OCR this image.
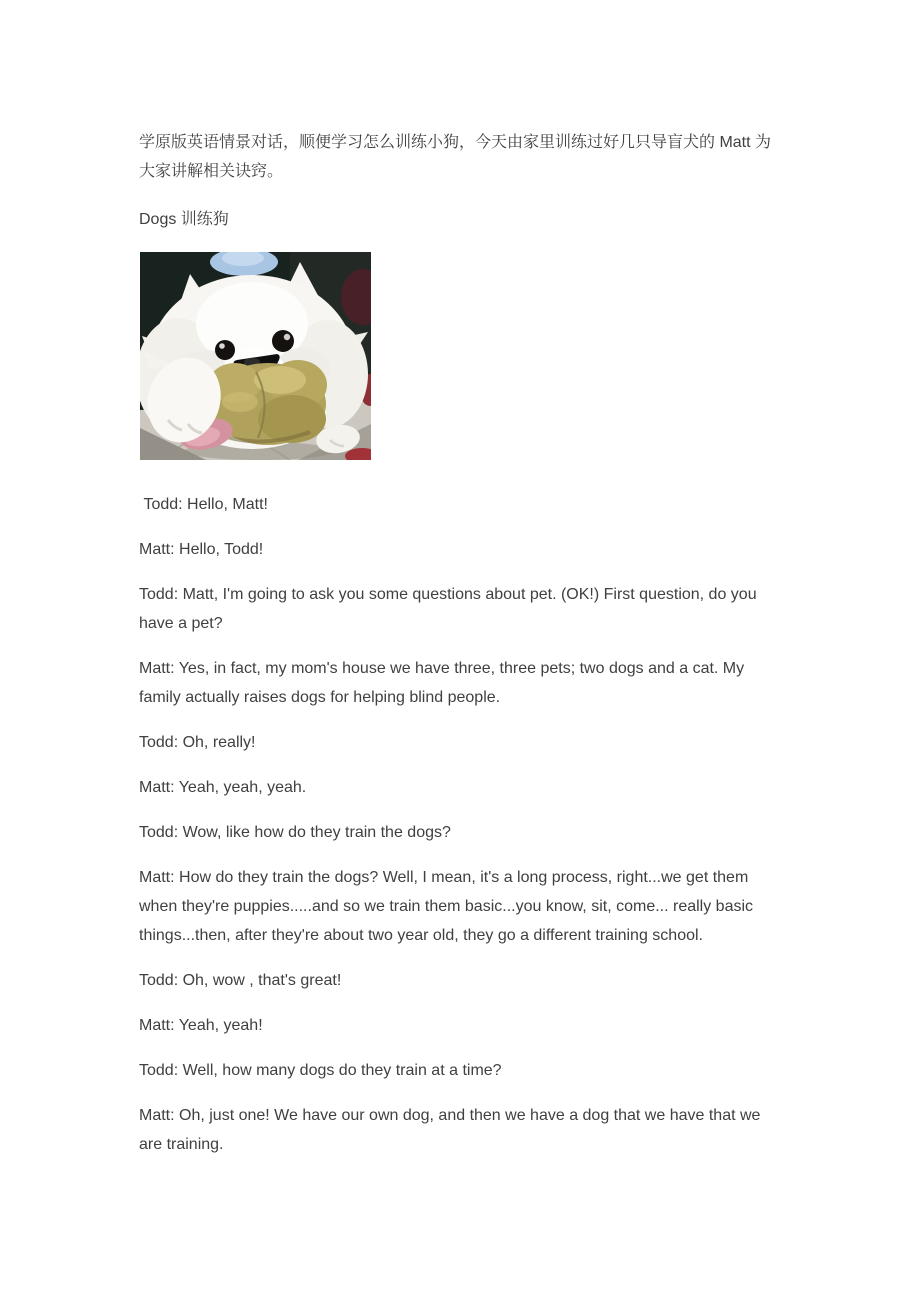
学原版英语情景对话，顺便学习怎么训练小狗，今天由家里训练过好几只导盲犬的 Matt 为大家讲解相关诀窍。

Dogs 训练狗

Todd: Hello, Matt!

Matt: Hello, Todd!

Todd: Matt, I'm going to ask you some questions about pet. (OK!) First question, do you have a pet?

Matt: Yes, in fact, my mom's house we have three, three pets; two dogs and a cat. My family actually raises dogs for helping blind people.

Todd: Oh, really!

Matt: Yeah, yeah, yeah.

Todd: Wow, like how do they train the dogs?

Matt: How do they train the dogs? Well, I mean, it's a long process, right...we get them when they're puppies.....and so we train them basic...you know, sit, come... really basic things...then, after they're about two year old, they go a different training school.

Todd: Oh, wow , that's great!

Matt: Yeah, yeah!

Todd: Well, how many dogs do they train at a time?

Matt: Oh, just one! We have our own dog, and then we have a dog that we have that we are training.
